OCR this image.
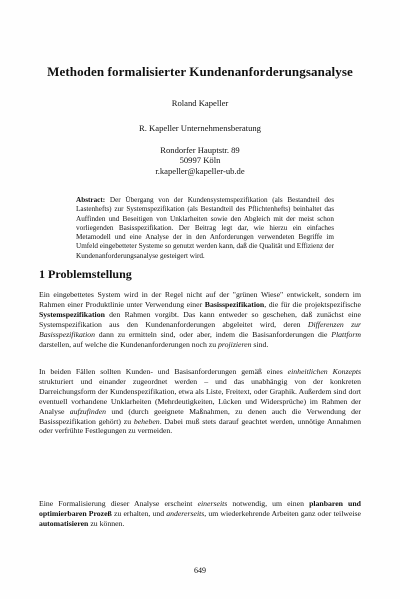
Methoden formalisierter Kundenanforderungsanalyse
Roland Kapeller
R. Kapeller Unternehmensberatung
Rondorfer Hauptstr. 89
50997 Köln
r.kapeller@kapeller-ub.de
Abstract: Der Übergang von der Kundensystemspezifikation (als Bestandteil des Lastenhefts) zur Systemspezifikation (als Bestandteil des Pflichtenhefts) beinhaltet das Auffinden und Beseitigen von Unklarheiten sowie den Abgleich mit der meist schon vorliegenden Basisspezifikation. Der Beitrag legt dar, wie hierzu ein einfaches Metamodell und eine Analyse der in den Anforderungen verwendeten Begriffe im Umfeld eingebetteter Systeme so genutzt werden kann, daß die Qualität und Effizienz der Kundenanforderungsanalyse gesteigert wird.
1 Problemstellung
Ein eingebettetes System wird in der Regel nicht auf der "grünen Wiese" entwickelt, sondern im Rahmen einer Produktlinie unter Verwendung einer Basisspezifikation, die für die projektspezifische Systemspezifikation den Rahmen vorgibt. Das kann entweder so geschehen, daß zunächst eine Systemspezifikation aus den Kundenanforderungen abgeleitet wird, deren Differenzen zur Basisspezifikation dann zu ermitteln sind, oder aber, indem die Basisanforderungen die Plattform darstellen, auf welche die Kundenanforderungen noch zu projizieren sind.
In beiden Fällen sollten Kunden- und Basisanforderungen gemäß eines einheitlichen Konzepts strukturiert und einander zugeordnet werden – und das unabhängig von der konkreten Darreichungsform der Kundenspezifikation, etwa als Liste, Freitext, oder Graphik. Außerdem sind dort eventuell vorhandene Unklarheiten (Mehrdeutigkeiten, Lücken und Widersprüche) im Rahmen der Analyse aufzufinden und (durch geeignete Maßnahmen, zu denen auch die Verwendung der Basisspezifikation gehört) zu beheben. Dabei muß stets darauf geachtet werden, unnötige Annahmen oder verfrühte Festlegungen zu vermeiden.
Eine Formalisierung dieser Analyse erscheint einerseits notwendig, um einen planbaren und optimierbaren Prozeß zu erhalten, und andererseits, um wiederkehrende Arbeiten ganz oder teilweise automatisieren zu können.
649
